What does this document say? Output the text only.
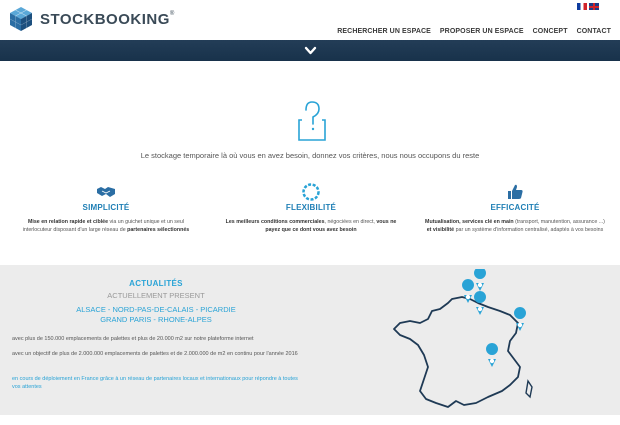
STOCKBOOKING®
RECHERCHER UN ESPACE PROPOSER UN ESPACE CONCEPT CONTACT
Le stockage temporaire là où vous en avez besoin, donnez vos critères, nous nous occupons du reste
SIMPLICITÉ
Mise en relation rapide et ciblée via un guichet unique et un seul interlocuteur disposant d'un large réseau de partenaires sélectionnés
FLEXIBILITÉ
Les meilleurs conditions commerciales, négociées en direct, vous ne payez que ce dont vous avez besoin
EFFICACITÉ
Mutualisation, services clé en main (transport, manutention, assurance ...) et visibilité par un système d'information centralisé, adaptés à vos besoins
ACTUALITÉS
ACTUELLEMENT PRESENT
ALSACE - NORD-PAS-DE-CALAIS - PICARDIE
GRAND PARIS - RHONE-ALPES
avec plus de 150.000 emplacements de palettes et plus de 20.000 m2 sur notre plateforme internet
avec un objectif de plus de 2.000.000 emplacements de palettes et de 2.000.000 de m2 en continu pour l'année 2016
en cours de déploiement en France grâce à un réseau de partenaires locaux et internationaux pour répondre à toutes vos attentes
